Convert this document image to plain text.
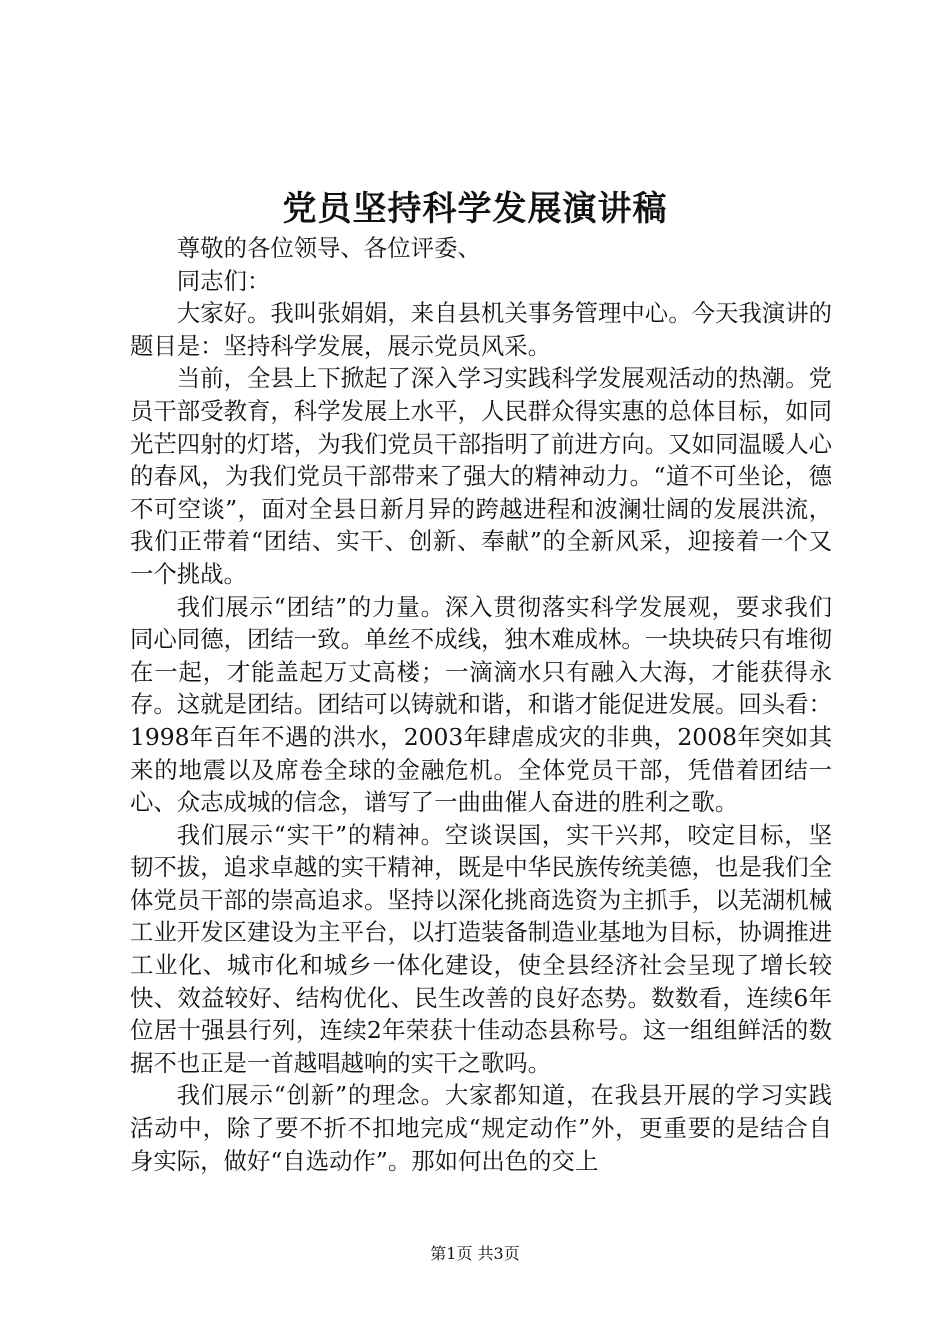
党员坚持科学发展演讲稿

尊敬的各位领导、各位评委、

同志们：

大家好。我叫张娟娟，来自县机关事务管理中心。今天我演讲的题目是：坚持科学发展，展示党员风采。

当前，全县上下掀起了深入学习实践科学发展观活动的热潮。党员干部受教育，科学发展上水平，人民群众得实惠的总体目标，如同光芒四射的灯塔，为我们党员干部指明了前进方向。又如同温暖人心的春风，为我们党员干部带来了强大的精神动力。“道不可坐论，德不可空谈”，面对全县日新月异的跨越进程和波澜壮阔的发展洪流，我们正带着“团结、实干、创新、奉献”的全新风采，迎接着一个又一个挑战。

我们展示“团结”的力量。深入贯彻落实科学发展观，要求我们同心同德，团结一致。单丝不成线，独木难成林。一块块砖只有堆彻在一起，才能盖起万丈高楼；一滴滴水只有融入大海，才能获得永存。这就是团结。团结可以铸就和谐，和谐才能促进发展。回头看：1998年百年不遇的洪水，2003年肆虐成灾的非典，2008年突如其来的地震以及席卷全球的金融危机。全体党员干部，凭借着团结一心、众志成城的信念，谱写了一曲曲催人奋进的胜利之歌。

我们展示“实干”的精神。空谈误国，实干兴邦，咬定目标，坚韧不拔，追求卓越的实干精神，既是中华民族传统美德，也是我们全体党员干部的崇高追求。坚持以深化挑商选资为主抓手，以芜湖机械工业开发区建设为主平台，以打造装备制造业基地为目标，协调推进工业化、城市化和城乡一体化建设，使全县经济社会呈现了增长较快、效益较好、结构优化、民生改善的良好态势。数数看，连续6年位居十强县行列，连续2年荣获十佳动态县称号。这一组组鲜活的数据不也正是一首越唱越响的实干之歌吗。

我们展示“创新”的理念。大家都知道，在我县开展的学习实践活动中，除了要不折不扣地完成“规定动作”外，更重要的是结合自身实际，做好“自选动作”。那如何出色的交上

第1页 共3页
